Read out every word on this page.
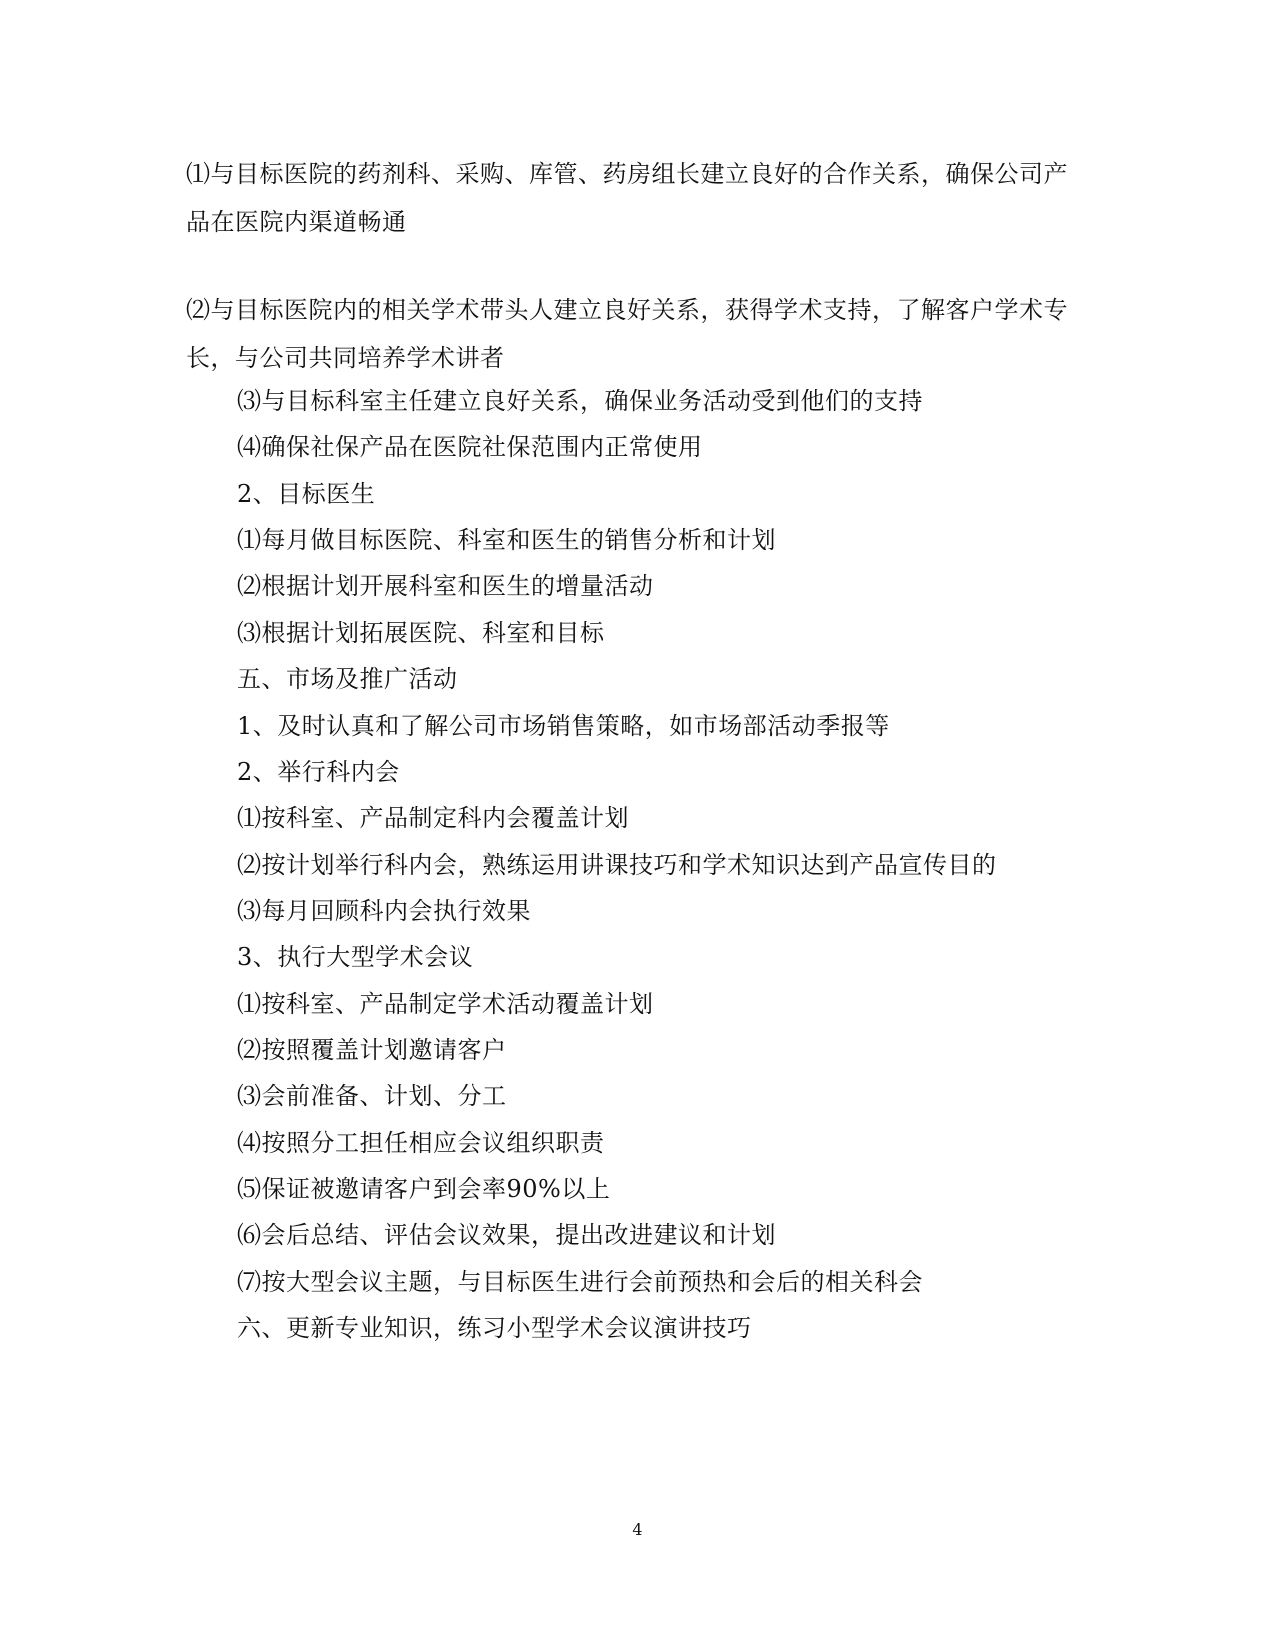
⑴与目标医院的药剂科、采购、库管、药房组长建立良好的合作关系，确保公司产品在医院内渠道畅通

⑵与目标医院内的相关学术带头人建立良好关系，获得学术支持，了解客户学术专长，与公司共同培养学术讲者

⑶与目标科室主任建立良好关系，确保业务活动受到他们的支持

⑷确保社保产品在医院社保范围内正常使用

2、目标医生

⑴每月做目标医院、科室和医生的销售分析和计划

⑵根据计划开展科室和医生的增量活动

⑶根据计划拓展医院、科室和目标

五、市场及推广活动

1、及时认真和了解公司市场销售策略，如市场部活动季报等

2、举行科内会

⑴按科室、产品制定科内会覆盖计划

⑵按计划举行科内会，熟练运用讲课技巧和学术知识达到产品宣传目的

⑶每月回顾科内会执行效果

3、执行大型学术会议

⑴按科室、产品制定学术活动覆盖计划

⑵按照覆盖计划邀请客户

⑶会前准备、计划、分工

⑷按照分工担任相应会议组织职责

⑸保证被邀请客户到会率90%以上

⑹会后总结、评估会议效果，提出改进建议和计划

⑺按大型会议主题，与目标医生进行会前预热和会后的相关科会

六、更新专业知识，练习小型学术会议演讲技巧

4
